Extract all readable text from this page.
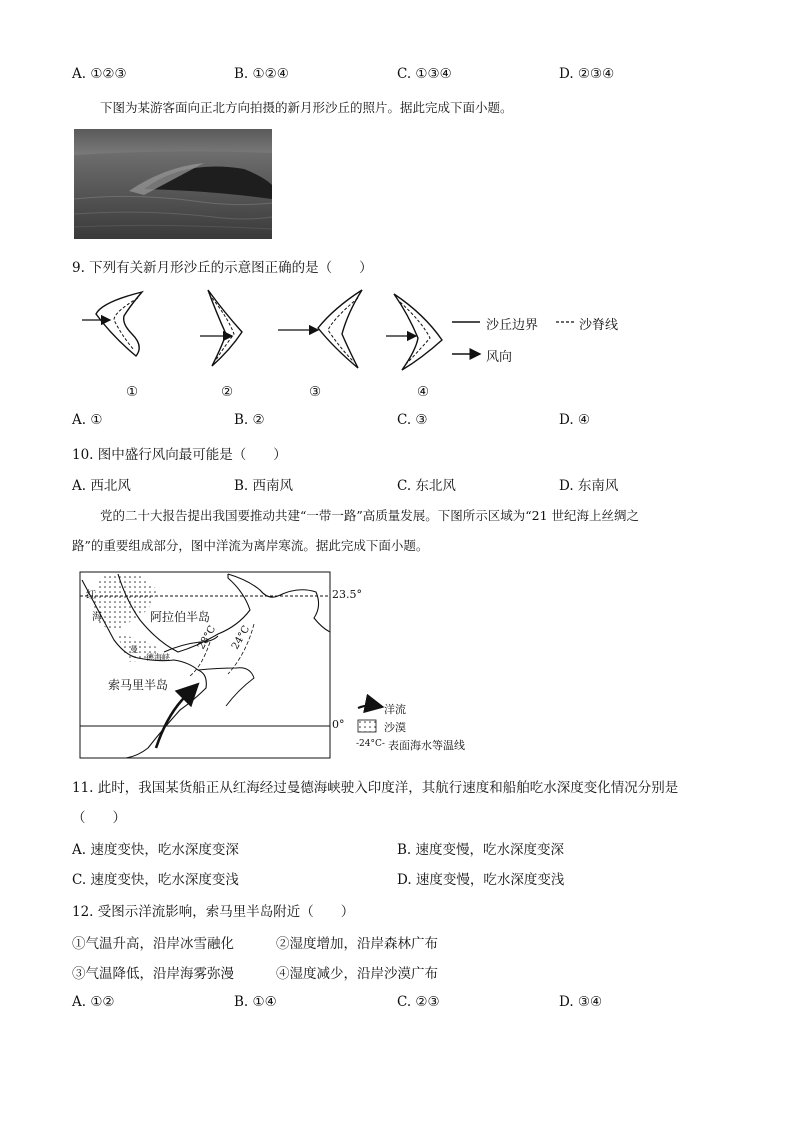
A. ①②③	B. ①②④	C. ①③④	D. ②③④
下图为某游客面向正北方向拍摄的新月形沙丘的照片。据此完成下面小题。
9. 下列有关新月形沙丘的示意图正确的是（　　）
沙丘边界	沙脊线
风向
①	②	③	④
A. ①	B. ②	C. ③	D. ④
10. 图中盛行风向最可能是（　　）
A. 西北风	B. 西南风	C. 东北风	D. 东南风
党的二十大报告提出我国要推动共建“一带一路”高质量发展。下图所示区域为“21 世纪海上丝绸之
路”的重要组成部分，图中洋流为离岸寒流。据此完成下面小题。
23.5°
0°
红
海	阿拉伯半岛
索马里半岛
曼
德海峡
28°C 24°C
洋流
沙漠
-24°C- 表面海水等温线
11. 此时，我国某货船正从红海经过曼德海峡驶入印度洋，其航行速度和船舶吃水深度变化情况分别是
（　　）
A. 速度变快，吃水深度变深	B. 速度变慢，吃水深度变深
C. 速度变快，吃水深度变浅	D. 速度变慢，吃水深度变浅
12. 受图示洋流影响，索马里半岛附近（　　）
①气温升高，沿岸冰雪融化	②湿度增加，沿岸森林广布
③气温降低，沿岸海雾弥漫	④湿度减少，沿岸沙漠广布
A. ①②	B. ①④	C. ②③	D. ③④
